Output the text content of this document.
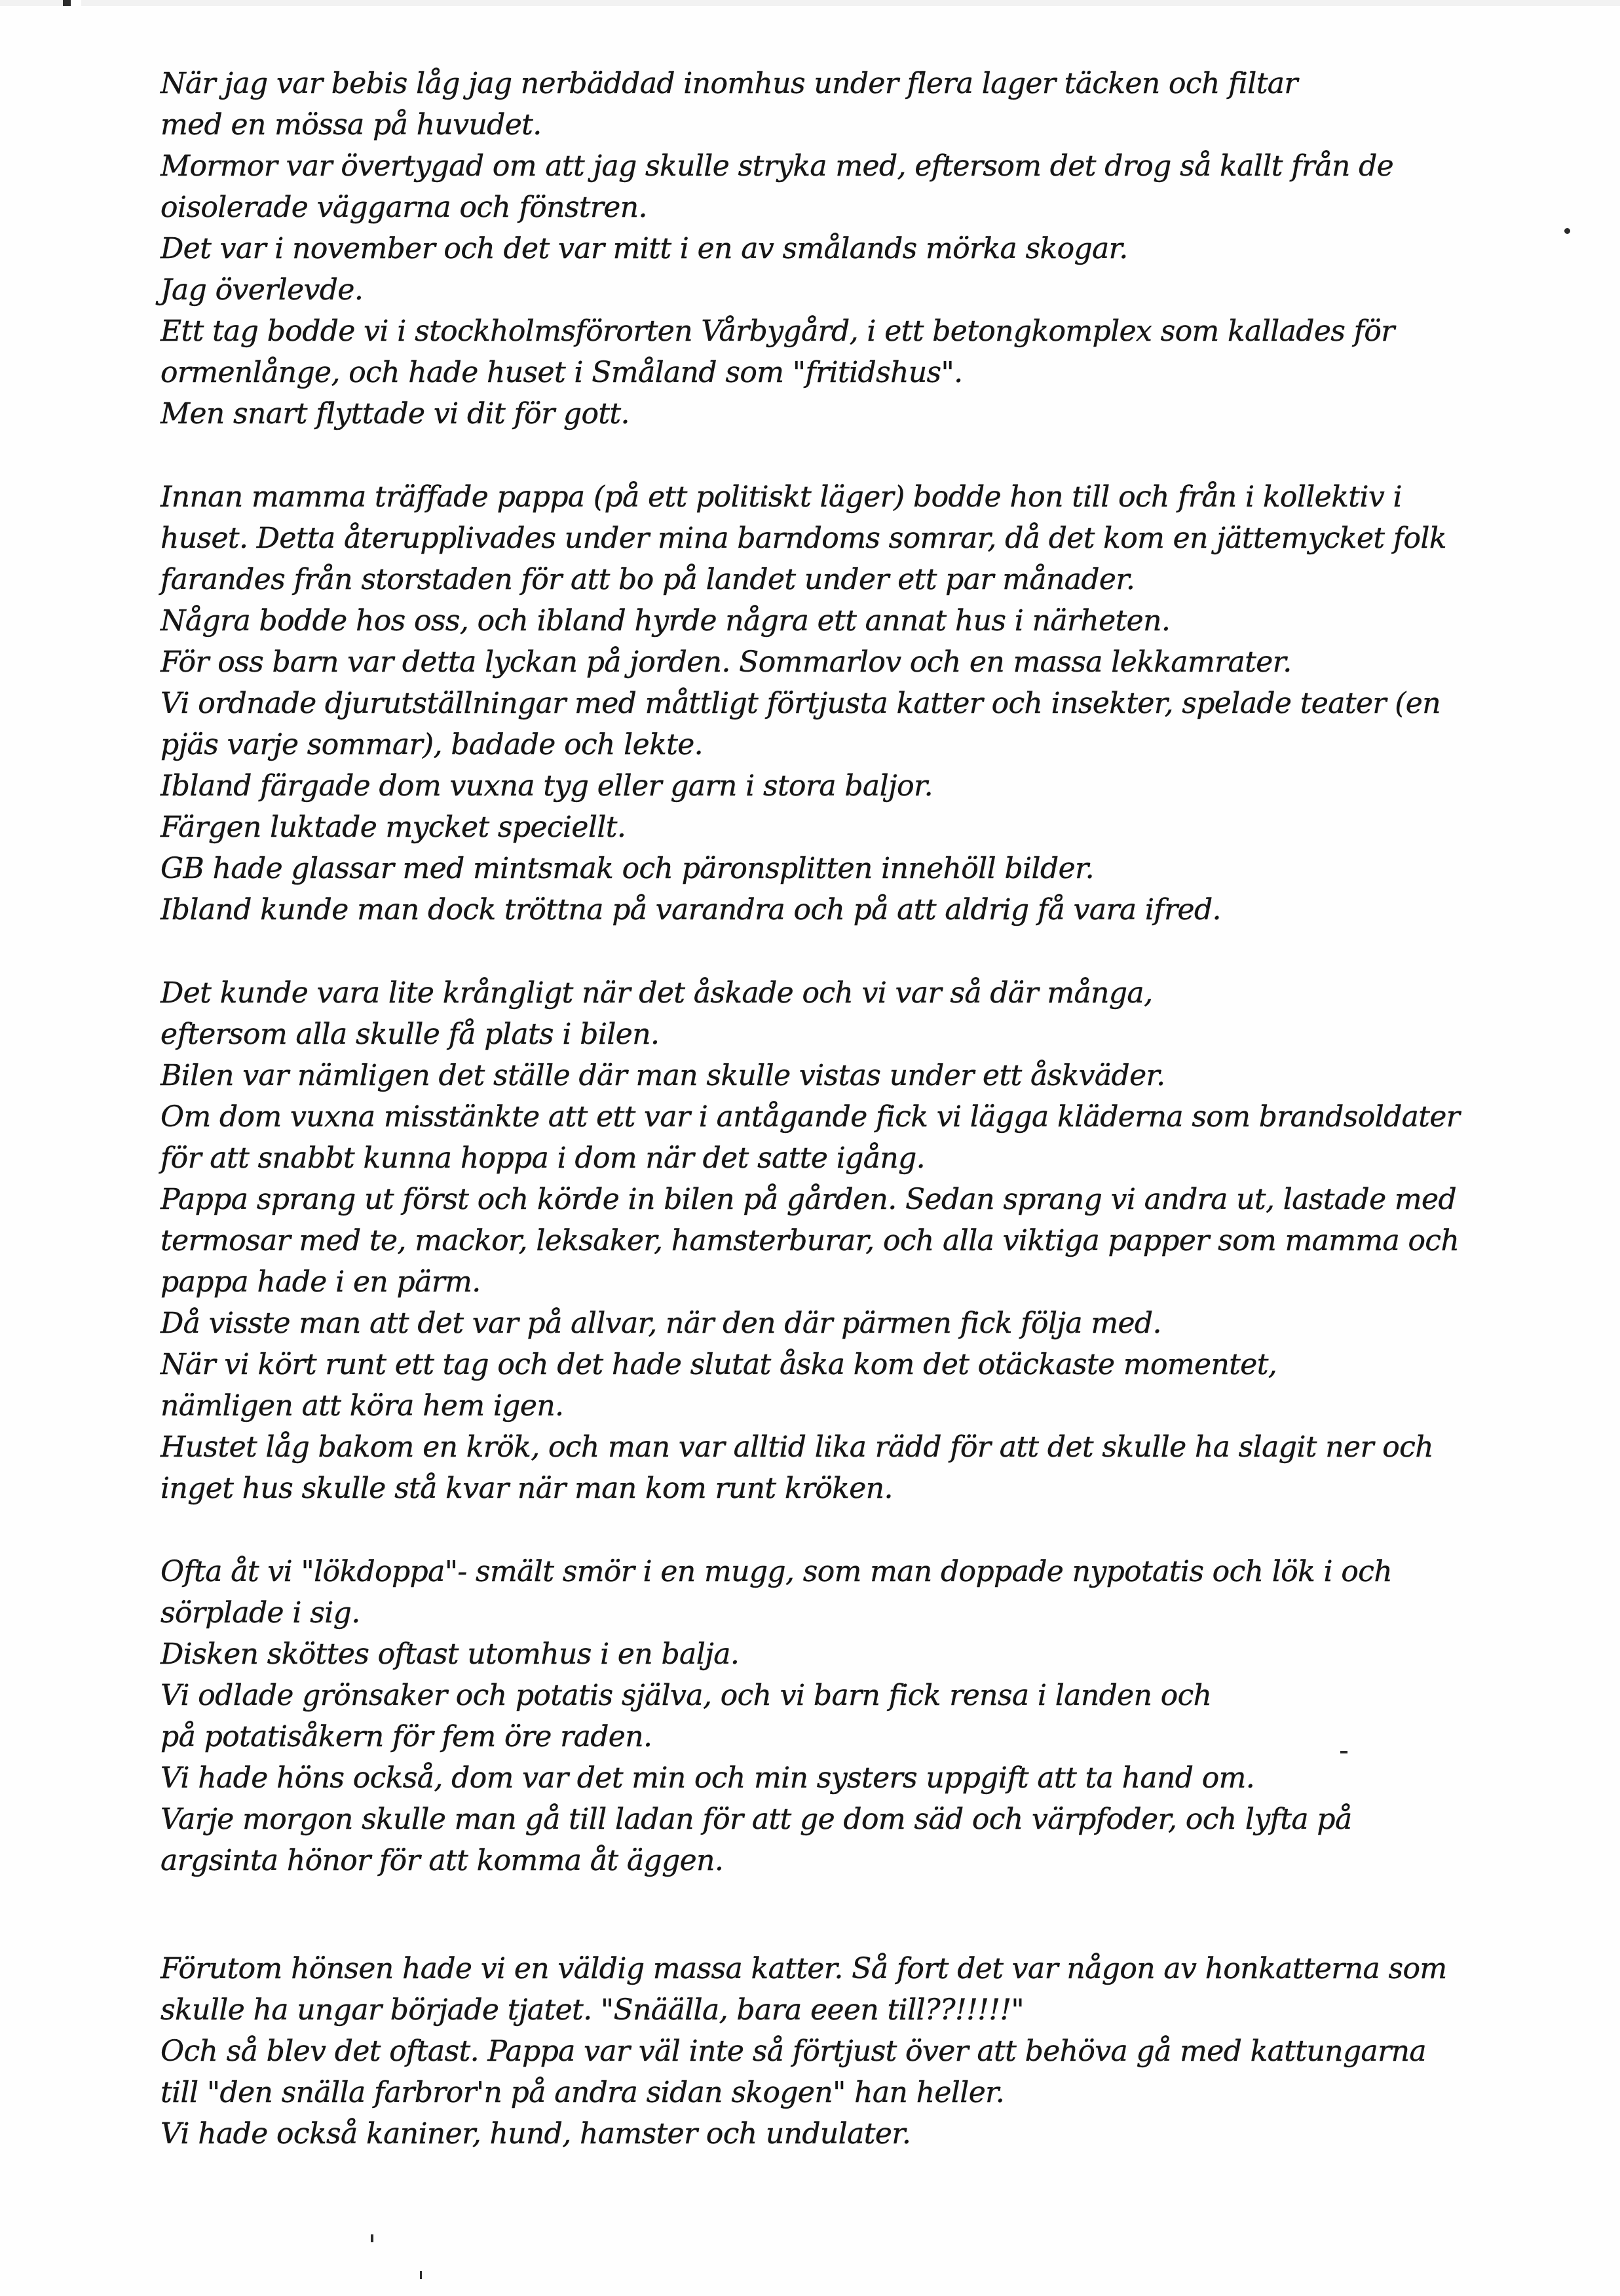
När jag var bebis låg jag nerbäddad inomhus under flera lager täcken och filtar
med en mössa på huvudet.
Mormor var övertygad om att jag skulle stryka med, eftersom det drog så kallt från de
oisolerade väggarna och fönstren.
Det var i november och det var mitt i en av smålands mörka skogar.
Jag överlevde.
Ett tag bodde vi i stockholmsförorten Vårbygård, i ett betongkomplex som kallades för
ormenlånge, och hade huset i Småland som "fritidshus".
Men snart flyttade vi dit för gott.
Innan mamma träffade pappa (på ett politiskt läger) bodde hon till och från i kollektiv i
huset. Detta återupplivades under mina barndoms somrar, då det kom en jättemycket folk
farandes från storstaden för att bo på landet under ett par månader.
Några bodde hos oss, och ibland hyrde några ett annat hus i närheten.
För oss barn var detta lyckan på jorden. Sommarlov och en massa lekkamrater.
Vi ordnade djurutställningar med måttligt förtjusta katter och insekter, spelade teater (en
pjäs varje sommar), badade och lekte.
Ibland färgade dom vuxna tyg eller garn i stora baljor.
Färgen luktade mycket speciellt.
GB hade glassar med mintsmak och päronsplitten innehöll bilder.
Ibland kunde man dock tröttna på varandra och på att aldrig få vara ifred.
Det kunde vara lite krångligt när det åskade och vi var så där många,
eftersom alla skulle få plats i bilen.
Bilen var nämligen det ställe där man skulle vistas under ett åskväder.
Om dom vuxna misstänkte att ett var i antågande fick vi lägga kläderna som brandsoldater
för att snabbt kunna hoppa i dom när det satte igång.
Pappa sprang ut först och körde in bilen på gården. Sedan sprang vi andra ut, lastade med
termosar med te, mackor, leksaker, hamsterburar, och alla viktiga papper som mamma och
pappa hade i en pärm.
Då visste man att det var på allvar, när den där pärmen fick följa med.
När vi kört runt ett tag och det hade slutat åska kom det otäckaste momentet,
nämligen att köra hem igen.
Hustet låg bakom en krök, och man var alltid lika rädd för att det skulle ha slagit ner och
inget hus skulle stå kvar när man kom runt kröken.
Ofta åt vi "lökdoppa"- smält smör i en mugg, som man doppade nypotatis och lök i och
sörplade i sig.
Disken sköttes oftast utomhus i en balja.
Vi odlade grönsaker och potatis själva, och vi barn fick rensa i landen och
på potatisåkern för fem öre raden.
Vi hade höns också, dom var det min och min systers uppgift att ta hand om.
Varje morgon skulle man gå till ladan för att ge dom säd och värpfoder, och lyfta på
argsinta hönor för att komma åt äggen.
Förutom hönsen hade vi en väldig massa katter. Så fort det var någon av honkatterna som
skulle ha ungar började tjatet. "Snäälla, bara eeen till??!!!!!"
Och så blev det oftast. Pappa var väl inte så förtjust över att behöva gå med kattungarna
till "den snälla farbror'n på andra sidan skogen" han heller.
Vi hade också kaniner, hund, hamster och undulater.
